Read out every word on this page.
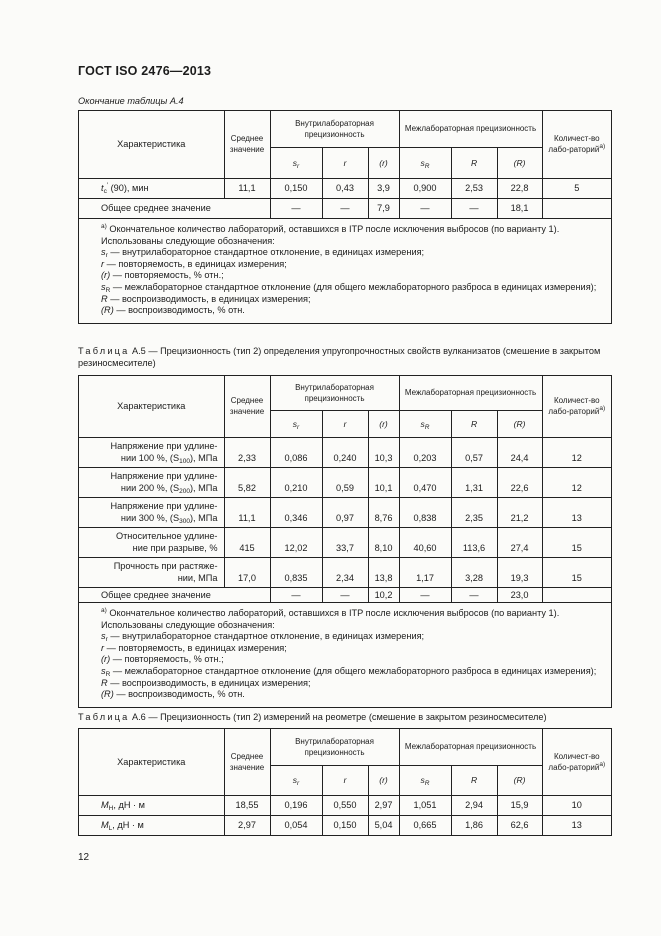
ГОСТ ISO 2476—2013
Окончание таблицы А.4
Характеристика	Среднее значение	Внутрилабораторная прецизионность			Межлабораторная прецизионность			Количест-во лабо-раторий$^{а)}$
		$s_r$	r	(r)	$s_R$	R	(R)	
$t_c'$ (90), мин	11,1	0,150	0,43	3,9	0,900	2,53	22,8	5
Общее среднее значение		—	—	7,9	—	—	18,1	
$^{а)}$ Окончательное количество лабораторий, оставшихся в ITP после исключения выбросов (по варианту 1).
Использованы следующие обозначения:
$s_r$ — внутрилабораторное стандартное отклонение, в единицах измерения;
r — повторяемость, в единицах измерения;
(r) — повторяемость, % отн.;
$s_R$ — межлабораторное стандартное отклонение (для общего межлабораторного разброса в единицах измерения);
R — воспроизводимость, в единицах измерения;
(R) — воспроизводимость, % отн.
Таблица А.5 — Прецизионность (тип 2) определения упругопрочностных свойств вулканизатов (смешение в закрытом резиносмесителе)
Характеристика	Среднее значение	Внутрилабораторная прецизионность			Межлабораторная прецизионность			Количест-во лабо-раторий$^{а)}$
		$s_r$	r	(r)	$s_R$	R	(R)	
Напряжение при удлине-
нии 100 %, $(S_{100})$, МПа	2,33	0,086	0,240	10,3	0,203	0,57	24,4	12
Напряжение при удлине-
нии 200 %, $(S_{200})$, МПа	5,82	0,210	0,59	10,1	0,470	1,31	22,6	12
Напряжение при удлине-
нии 300 %, $(S_{300})$, МПа	11,1	0,346	0,97	8,76	0,838	2,35	21,2	13
Относительное удлине-
ние при разрыве, %	415	12,02	33,7	8,10	40,60	113,6	27,4	15
Прочность при растяже-
нии, МПа	17,0	0,835	2,34	13,8	1,17	3,28	19,3	15
Общее среднее значение		—	—	10,2	—	—	23,0	
$^{а)}$ Окончательное количество лабораторий, оставшихся в ITP после исключения выбросов (по варианту 1).
Использованы следующие обозначения:
$s_r$ — внутрилабораторное стандартное отклонение, в единицах измерения;
r — повторяемость, в единицах измерения;
(r) — повторяемость, % отн.;
$s_R$ — межлабораторное стандартное отклонение (для общего межлабораторного разброса в единицах измерения);
R — воспроизводимость, в единицах измерения;
(R) — воспроизводимость, % отн.
Таблица А.6 — Прецизионность (тип 2) измерений на реометре (смешение в закрытом резиносмесителе)
Характеристика	Среднее значение	Внутрилабораторная прецизионность			Межлабораторная прецизионность			Количест-во лабо-раторий$^{а)}$
		$s_r$	r	(r)	$s_R$	R	(R)	
$M_H$, дН · м	18,55	0,196	0,550	2,97	1,051	2,94	15,9	10
$M_L$, дН · м	2,97	0,054	0,150	5,04	0,665	1,86	62,6	13
12
